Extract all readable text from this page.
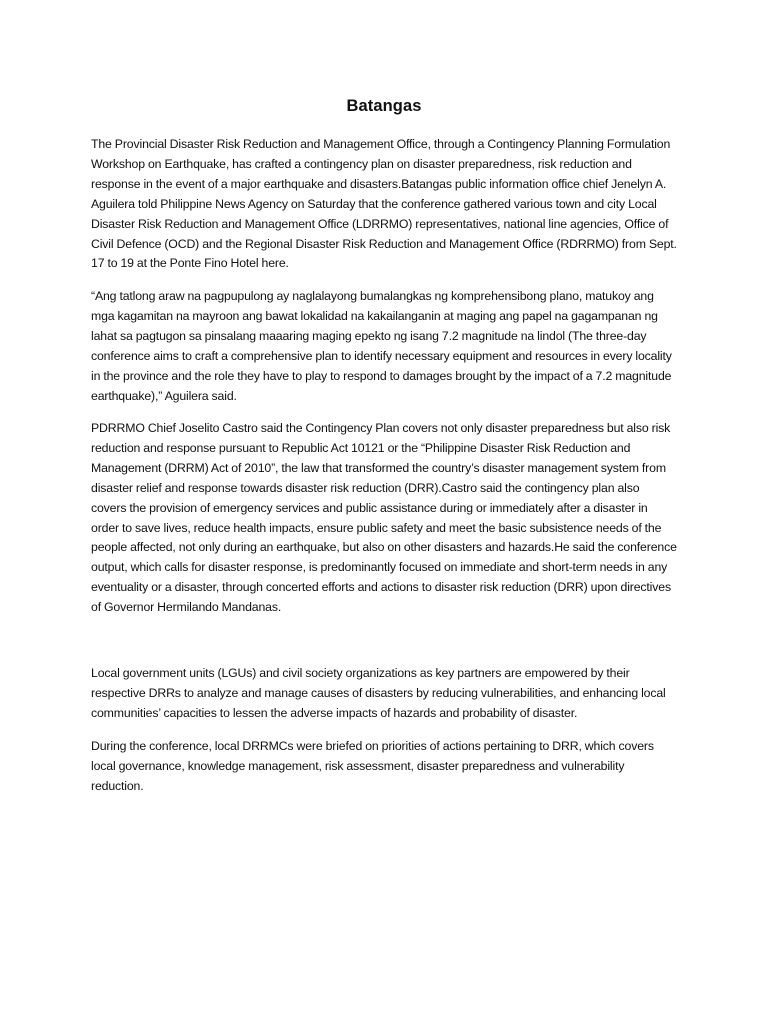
Batangas

The Provincial Disaster Risk Reduction and Management Office, through a Contingency Planning Formulation Workshop on Earthquake, has crafted a contingency plan on disaster preparedness, risk reduction and response in the event of a major earthquake and disasters.Batangas public information office chief Jenelyn A. Aguilera told Philippine News Agency on Saturday that the conference gathered various town and city Local Disaster Risk Reduction and Management Office (LDRRMO) representatives, national line agencies, Office of Civil Defence (OCD) and the Regional Disaster Risk Reduction and Management Office (RDRRMO) from Sept. 17 to 19 at the Ponte Fino Hotel here.

“Ang tatlong araw na pagpupulong ay naglalayong bumalangkas ng komprehensibong plano, matukoy ang mga kagamitan na mayroon ang bawat lokalidad na kakailanganin at maging ang papel na gagampanan ng lahat sa pagtugon sa pinsalang maaaring maging epekto ng isang 7.2 magnitude na lindol (The three-day conference aims to craft a comprehensive plan to identify necessary equipment and resources in every locality in the province and the role they have to play to respond to damages brought by the impact of a 7.2 magnitude earthquake),” Aguilera said.

PDRRMO Chief Joselito Castro said the Contingency Plan covers not only disaster preparedness but also risk reduction and response pursuant to Republic Act 10121 or the “Philippine Disaster Risk Reduction and Management (DRRM) Act of 2010”, the law that transformed the country’s disaster management system from disaster relief and response towards disaster risk reduction (DRR).Castro said the contingency plan also covers the provision of emergency services and public assistance during or immediately after a disaster in order to save lives, reduce health impacts, ensure public safety and meet the basic subsistence needs of the people affected, not only during an earthquake, but also on other disasters and hazards.He said the conference output, which calls for disaster response, is predominantly focused on immediate and short-term needs in any eventuality or a disaster, through concerted efforts and actions to disaster risk reduction (DRR) upon directives of Governor Hermilando Mandanas.

Local government units (LGUs) and civil society organizations as key partners are empowered by their respective DRRs to analyze and manage causes of disasters by reducing vulnerabilities, and enhancing local communities’ capacities to lessen the adverse impacts of hazards and probability of disaster.

During the conference, local DRRMCs were briefed on priorities of actions pertaining to DRR, which covers local governance, knowledge management, risk assessment, disaster preparedness and vulnerability reduction.
